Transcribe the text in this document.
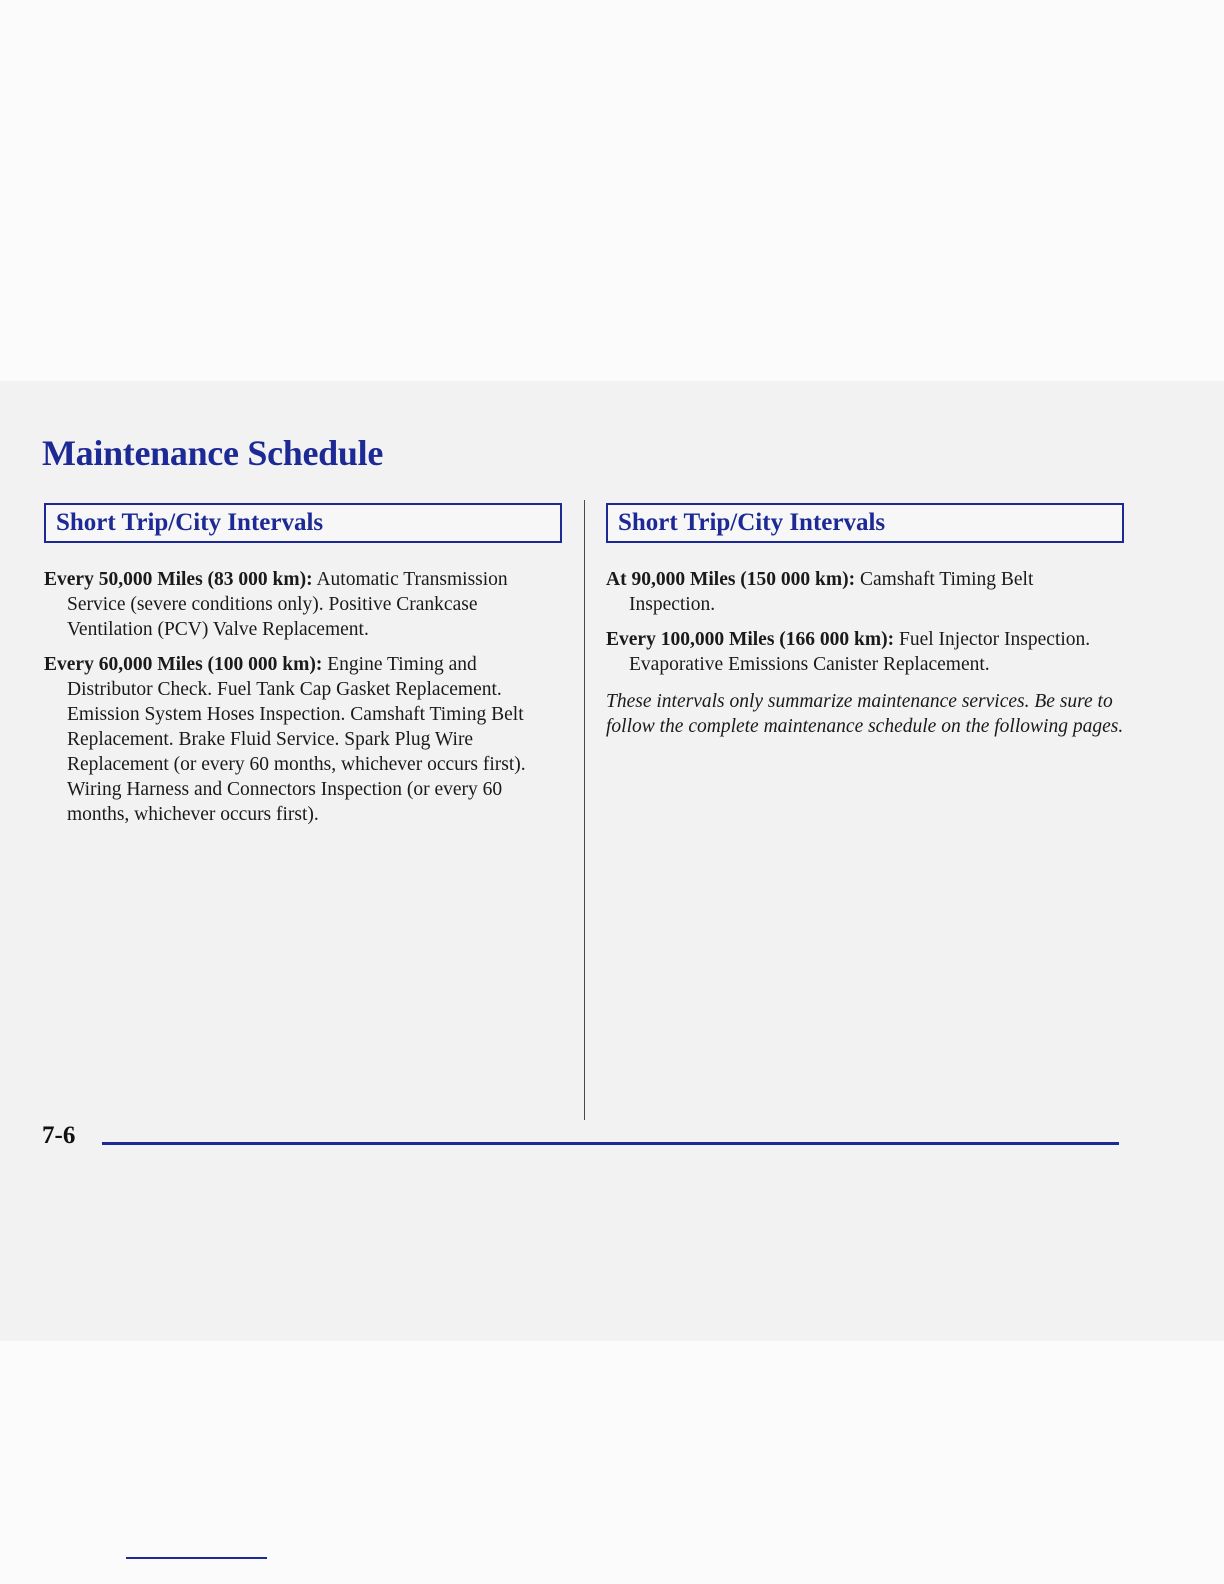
Maintenance Schedule
Short Trip/City Intervals

Every 50,000 Miles (83 000 km): Automatic Transmission Service (severe conditions only). Positive Crankcase Ventilation (PCV) Valve Replacement.

Every 60,000 Miles (100 000 km): Engine Timing and Distributor Check. Fuel Tank Cap Gasket Replacement. Emission System Hoses Inspection. Camshaft Timing Belt Replacement. Brake Fluid Service. Spark Plug Wire Replacement (or every 60 months, whichever occurs first). Wiring Harness and Connectors Inspection (or every 60 months, whichever occurs first).

Short Trip/City Intervals

At 90,000 Miles (150 000 km): Camshaft Timing Belt Inspection.

Every 100,000 Miles (166 000 km): Fuel Injector Inspection. Evaporative Emissions Canister Replacement.

These intervals only summarize maintenance services. Be sure to follow the complete maintenance schedule on the following pages.

7-6
